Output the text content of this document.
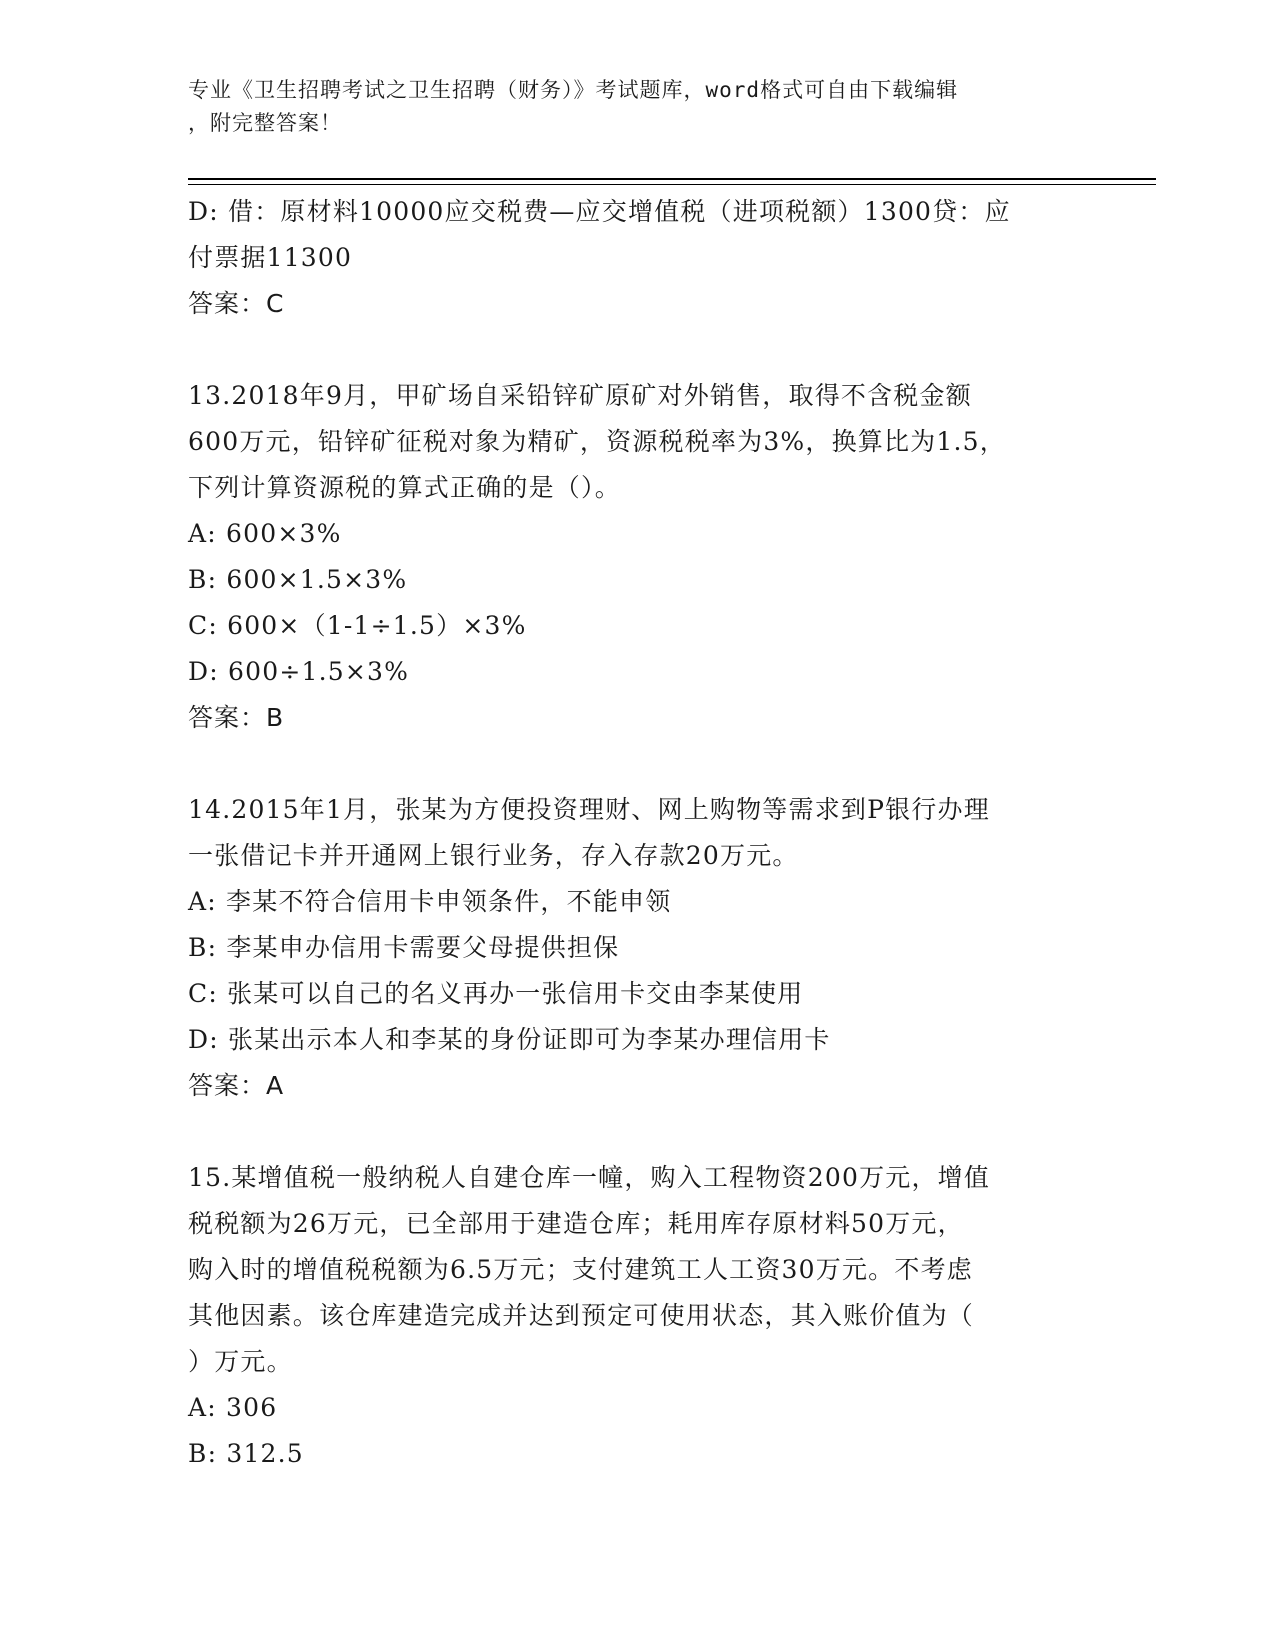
专业《卫生招聘考试之卫生招聘（财务）》考试题库，word格式可自由下载编辑
，附完整答案！

D: 借：原材料10000应交税费—应交增值税（进项税额）1300贷：应

付票据11300

答案：C

13.2018年9月，甲矿场自采铅锌矿原矿对外销售，取得不含税金额

600万元，铅锌矿征税对象为精矿，资源税税率为3%，换算比为1.5，

下列计算资源税的算式正确的是（）。

A: 600×3%

B: 600×1.5×3%

C: 600×（1-1÷1.5）×3%

D: 600÷1.5×3%

答案：B

14.2015年1月，张某为方便投资理财、网上购物等需求到P银行办理

一张借记卡并开通网上银行业务，存入存款20万元。

A: 李某不符合信用卡申领条件，不能申领

B: 李某申办信用卡需要父母提供担保

C: 张某可以自己的名义再办一张信用卡交由李某使用

D: 张某出示本人和李某的身份证即可为李某办理信用卡

答案：A

15.某增值税一般纳税人自建仓库一幢，购入工程物资200万元，增值

税税额为26万元，已全部用于建造仓库；耗用库存原材料50万元，

购入时的增值税税额为6.5万元；支付建筑工人工资30万元。不考虑

其他因素。该仓库建造完成并达到预定可使用状态，其入账价值为（

）万元。

A: 306

B: 312.5
